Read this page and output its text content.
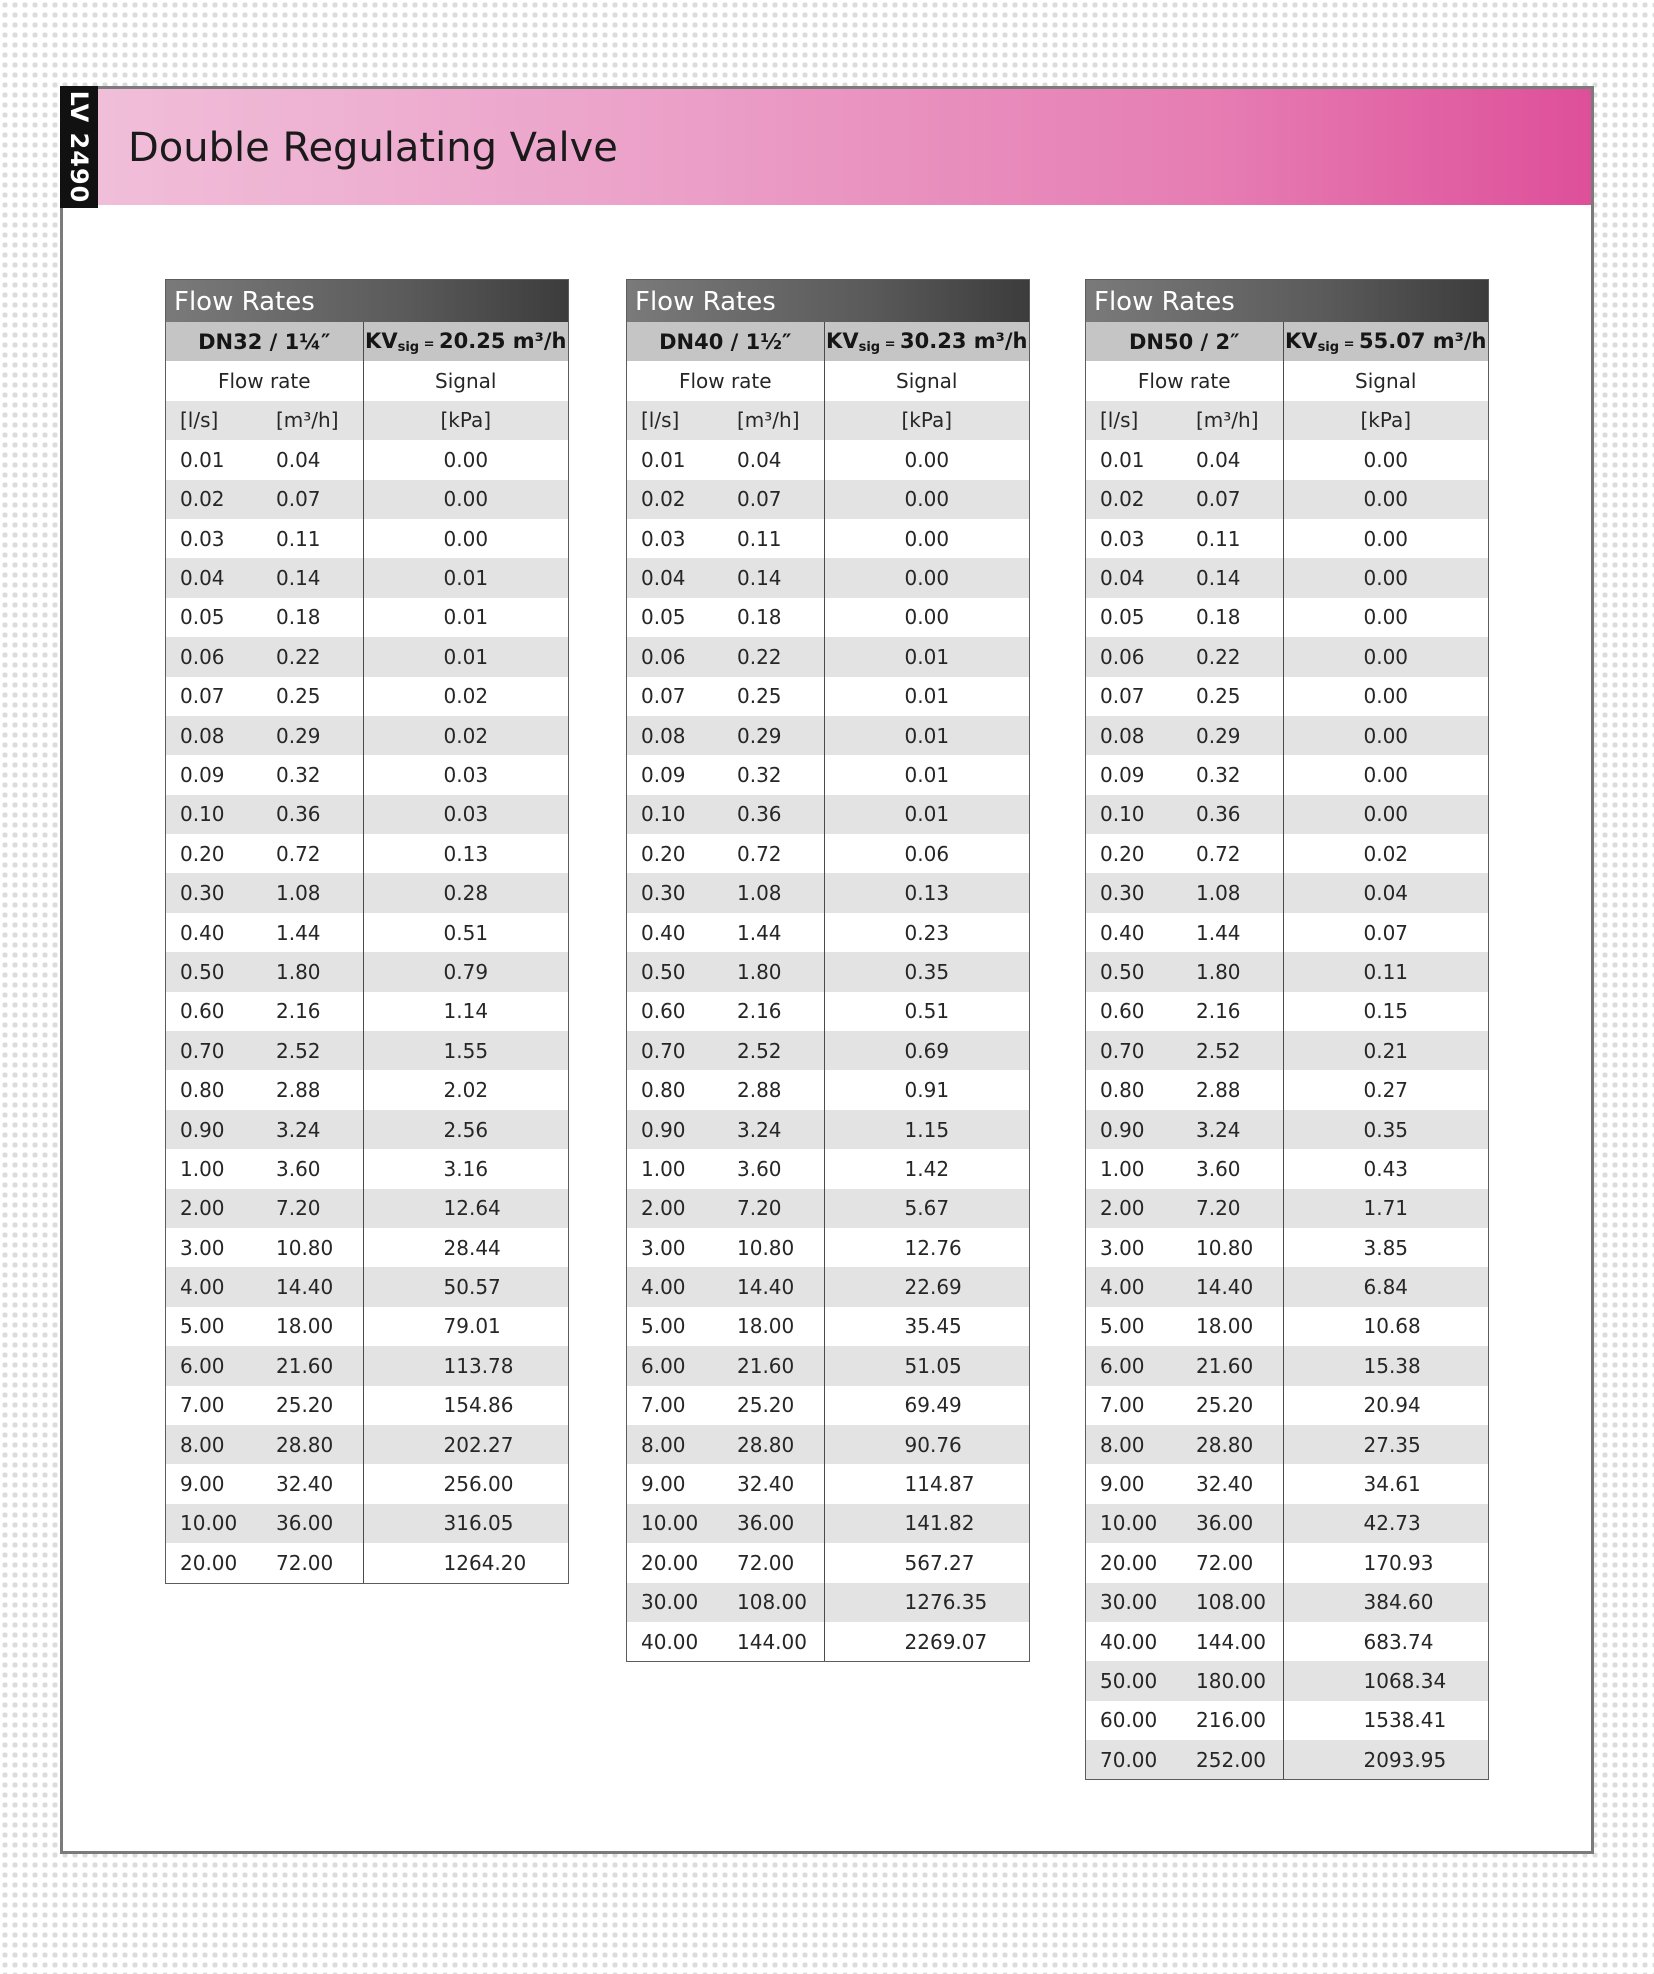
Double Regulating Valve
LV 2490
Flow Rates
DN32 / 1¼″		$KV_{sig} = 20.25$ m³/h
Flow rate		Signal
[l/s]	[m³/h]	[kPa]
0.01	0.04	0.00
0.02	0.07	0.00
0.03	0.11	0.00
0.04	0.14	0.01
0.05	0.18	0.01
0.06	0.22	0.01
0.07	0.25	0.02
0.08	0.29	0.02
0.09	0.32	0.03
0.10	0.36	0.03
0.20	0.72	0.13
0.30	1.08	0.28
0.40	1.44	0.51
0.50	1.80	0.79
0.60	2.16	1.14
0.70	2.52	1.55
0.80	2.88	2.02
0.90	3.24	2.56
1.00	3.60	3.16
2.00	7.20	12.64
3.00	10.80	28.44
4.00	14.40	50.57
5.00	18.00	79.01
6.00	21.60	113.78
7.00	25.20	154.86
8.00	28.80	202.27
9.00	32.40	256.00
10.00	36.00	316.05
20.00	72.00	1264.20
Flow Rates
DN40 / 1½″		$KV_{sig} = 30.23$ m³/h
Flow rate		Signal
[l/s]	[m³/h]	[kPa]
0.01	0.04	0.00
0.02	0.07	0.00
0.03	0.11	0.00
0.04	0.14	0.00
0.05	0.18	0.00
0.06	0.22	0.01
0.07	0.25	0.01
0.08	0.29	0.01
0.09	0.32	0.01
0.10	0.36	0.01
0.20	0.72	0.06
0.30	1.08	0.13
0.40	1.44	0.23
0.50	1.80	0.35
0.60	2.16	0.51
0.70	2.52	0.69
0.80	2.88	0.91
0.90	3.24	1.15
1.00	3.60	1.42
2.00	7.20	5.67
3.00	10.80	12.76
4.00	14.40	22.69
5.00	18.00	35.45
6.00	21.60	51.05
7.00	25.20	69.49
8.00	28.80	90.76
9.00	32.40	114.87
10.00	36.00	141.82
20.00	72.00	567.27
30.00	108.00	1276.35
40.00	144.00	2269.07
Flow Rates
DN50 / 2″		$KV_{sig} = 55.07$ m³/h
Flow rate		Signal
[l/s]	[m³/h]	[kPa]
0.01	0.04	0.00
0.02	0.07	0.00
0.03	0.11	0.00
0.04	0.14	0.00
0.05	0.18	0.00
0.06	0.22	0.00
0.07	0.25	0.00
0.08	0.29	0.00
0.09	0.32	0.00
0.10	0.36	0.00
0.20	0.72	0.02
0.30	1.08	0.04
0.40	1.44	0.07
0.50	1.80	0.11
0.60	2.16	0.15
0.70	2.52	0.21
0.80	2.88	0.27
0.90	3.24	0.35
1.00	3.60	0.43
2.00	7.20	1.71
3.00	10.80	3.85
4.00	14.40	6.84
5.00	18.00	10.68
6.00	21.60	15.38
7.00	25.20	20.94
8.00	28.80	27.35
9.00	32.40	34.61
10.00	36.00	42.73
20.00	72.00	170.93
30.00	108.00	384.60
40.00	144.00	683.74
50.00	180.00	1068.34
60.00	216.00	1538.41
70.00	252.00	2093.95
